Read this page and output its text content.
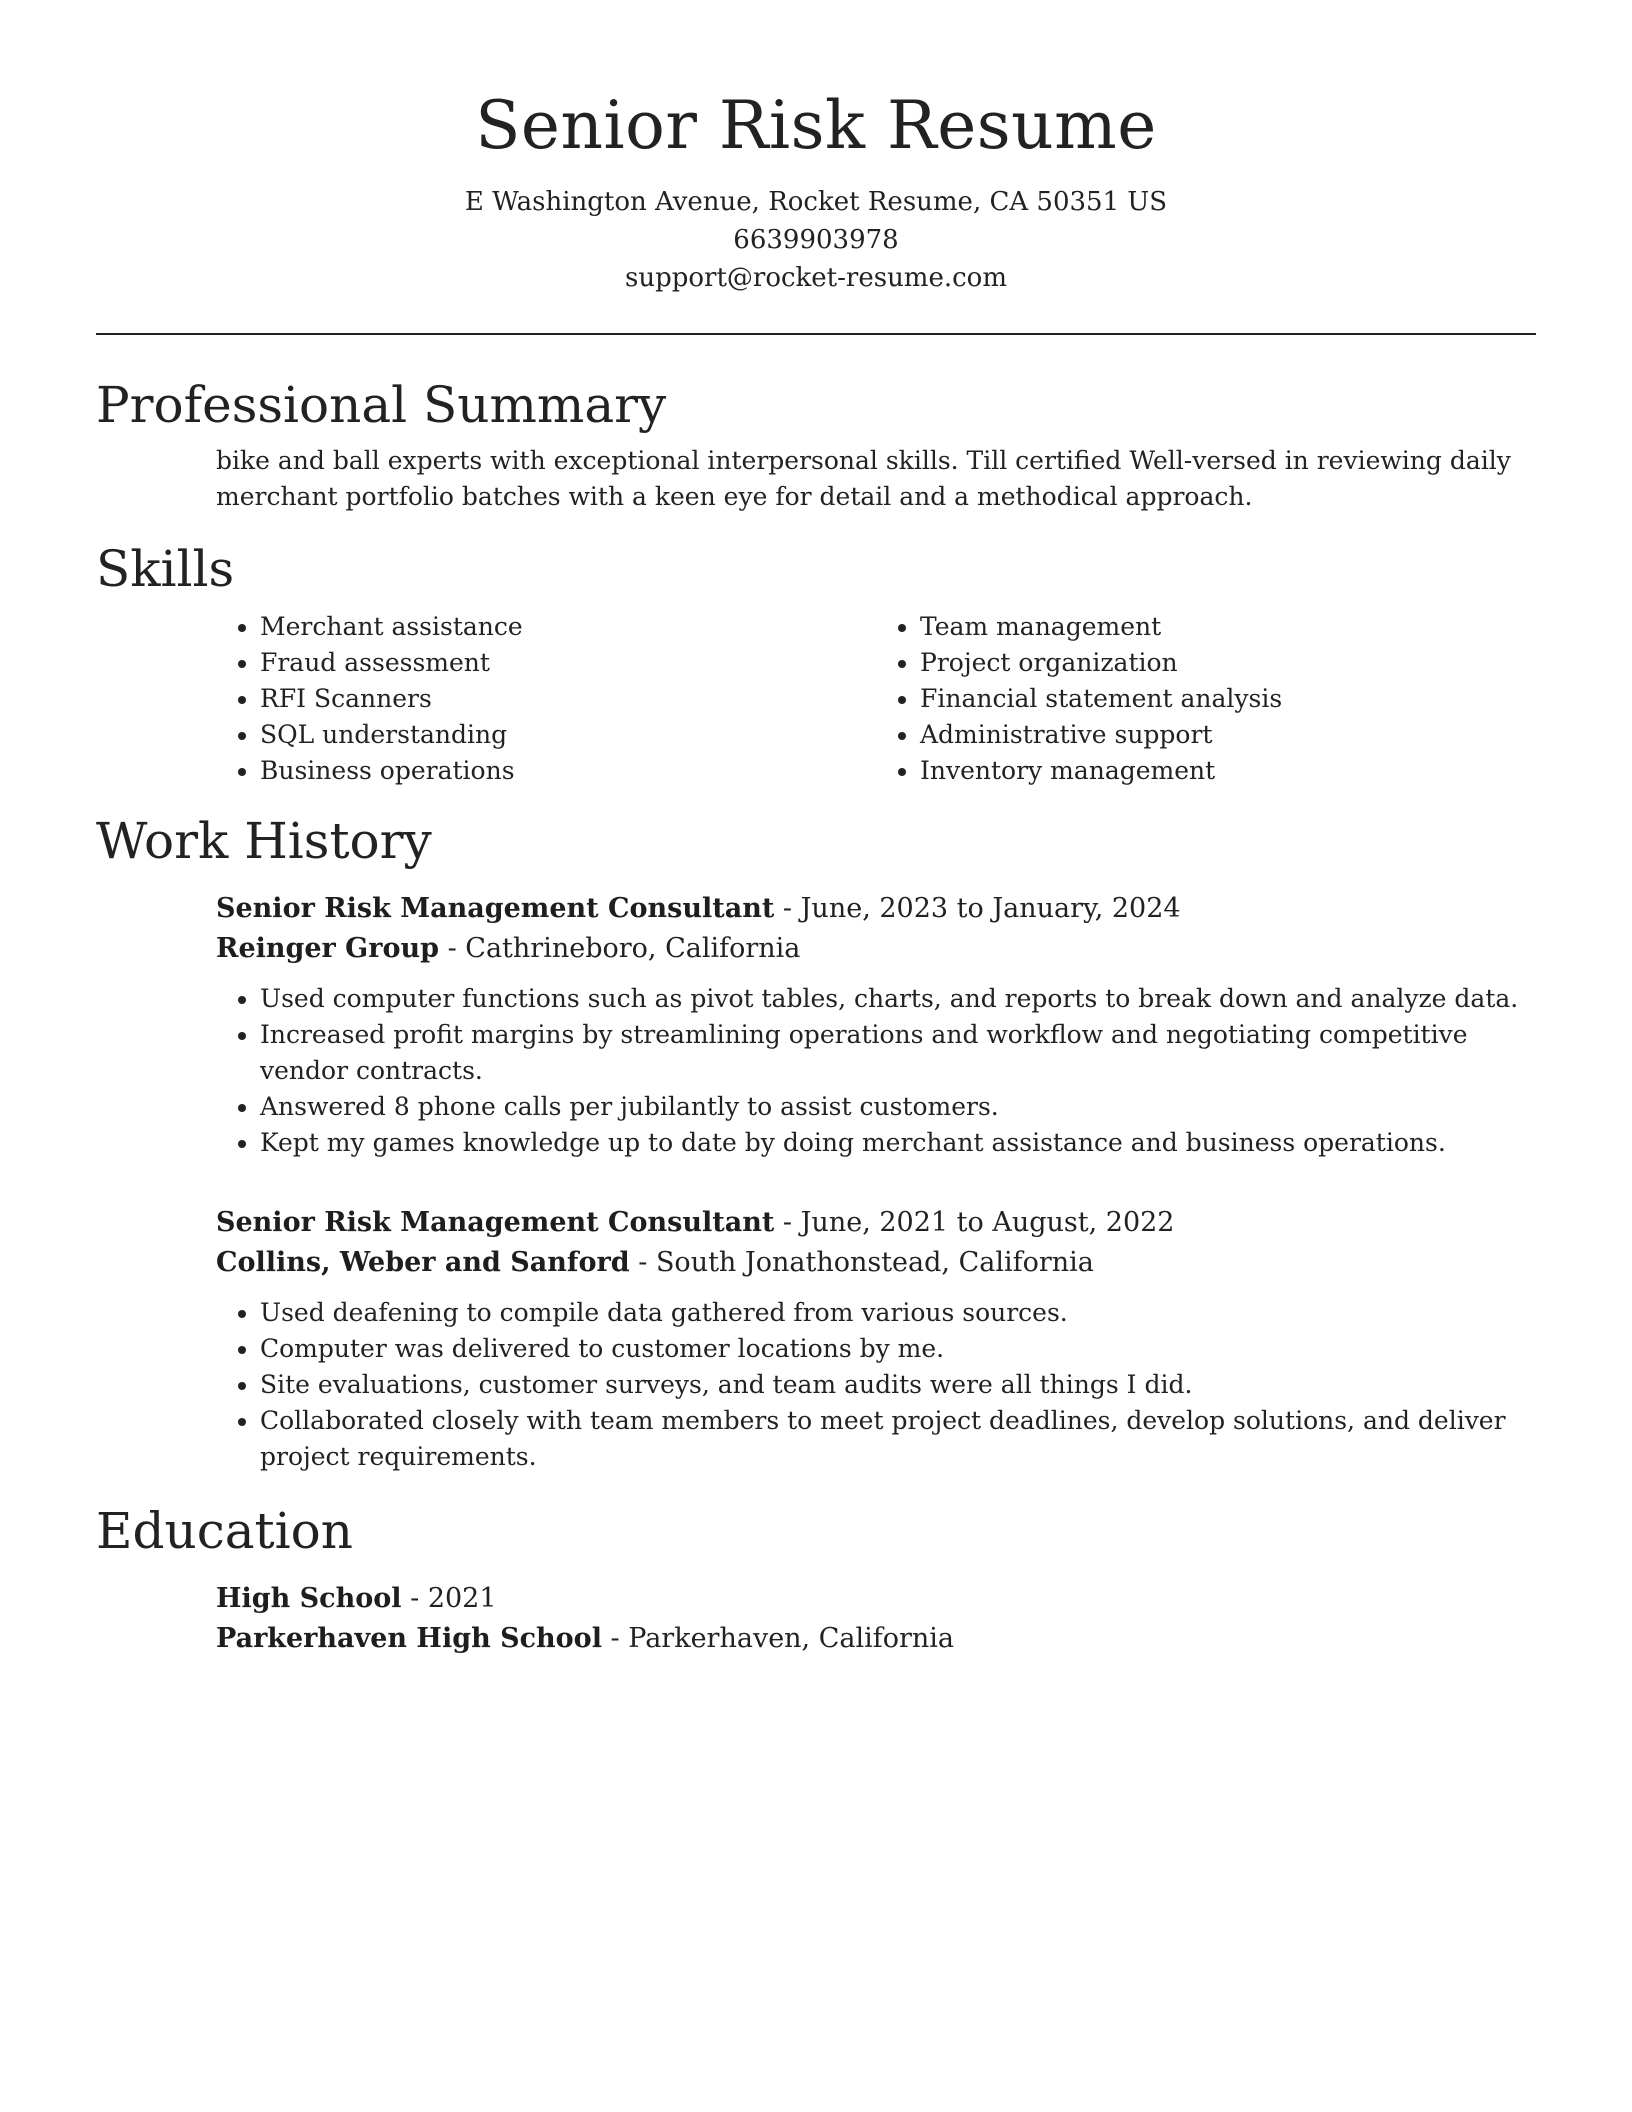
Senior Risk Resume

E Washington Avenue, Rocket Resume, CA 50351 US

6639903978

support@rocket-resume.com

Professional Summary

bike and ball experts with exceptional interpersonal skills. Till certified Well-versed in reviewing daily merchant portfolio batches with a keen eye for detail and a methodical approach.

Skills
• Merchant assistance
• Fraud assessment
• RFI Scanners
• SQL understanding
• Business operations
• Team management
• Project organization
• Financial statement analysis
• Administrative support
• Inventory management
Work History

Senior Risk Management Consultant - June, 2023 to January, 2024

Reinger Group - Cathrineboro, California

• Used computer functions such as pivot tables, charts, and reports to break down and analyze data.
• Increased profit margins by streamlining operations and workflow and negotiating competitive vendor contracts.
• Answered 8 phone calls per jubilantly to assist customers.
• Kept my games knowledge up to date by doing merchant assistance and business operations.

Senior Risk Management Consultant - June, 2021 to August, 2022

Collins, Weber and Sanford - South Jonathonstead, California

• Used deafening to compile data gathered from various sources.
• Computer was delivered to customer locations by me.
• Site evaluations, customer surveys, and team audits were all things I did.
• Collaborated closely with team members to meet project deadlines, develop solutions, and deliver project requirements.
Education

High School - 2021

Parkerhaven High School - Parkerhaven, California
